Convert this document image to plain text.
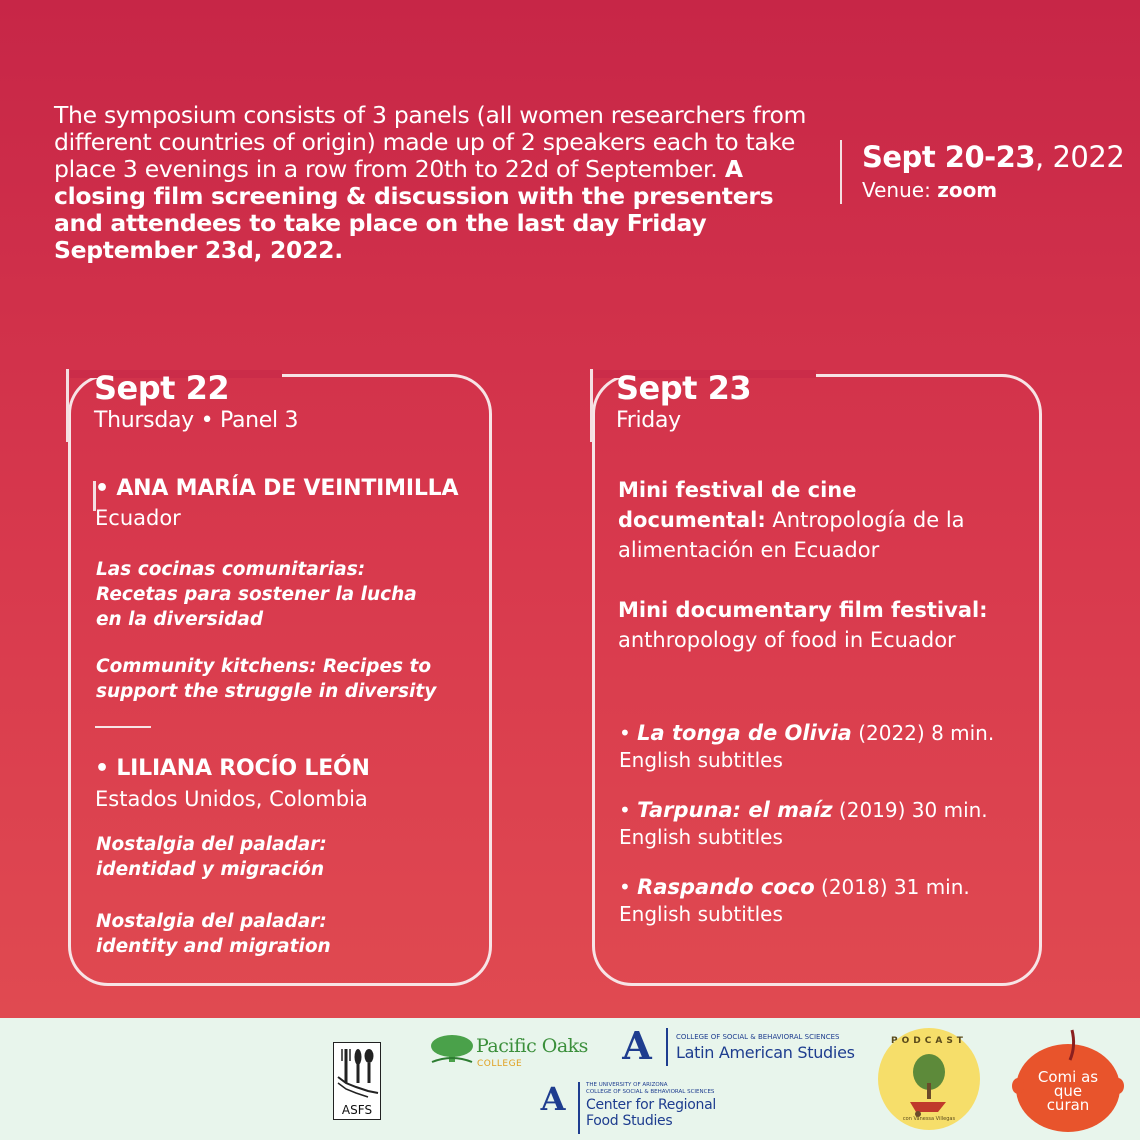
The symposium consists of 3 panels (all women researchers from different countries of origin) made up of 2 speakers each to take place 3 evenings in a row from 20th to 22d of September. A closing film screening & discussion with the presenters and attendees to take place on the last day Friday September 23d, 2022.
Sept 20-23, 2022
Venue: zoom
Sept 22
Thursday • Panel 3
• ANA MARÍA DE VEINTIMILLA
Ecuador
Las cocinas comunitarias:
Recetas para sostener la lucha
en la diversidad
Community kitchens: Recipes to
support the struggle in diversity
• LILIANA ROCÍO LEÓN
Estados Unidos, Colombia
Nostalgia del paladar:
identidad y migración
Nostalgia del paladar:
identity and migration
Sept 23
Friday
Mini festival de cine documental: Antropología de la alimentación en Ecuador
Mini documentary film festival:
anthropology of food in Ecuador
• La tonga de Olivia (2022) 8 min.
English subtitles
• Tarpuna: el maíz (2019) 30 min.
English subtitles
• Raspando coco (2018) 31 min.
English subtitles
ASFS
Pacific Oaks
COLLEGE	A	COLLEGE OF SOCIAL & BEHAVIORAL SCIENCES
Latin American Studies
A	THE UNIVERSITY OF ARIZONA
COLLEGE OF SOCIAL & BEHAVIORAL SCIENCES
Center for Regional
Food Studies
PODCAST
con Vanessa Villegas
Comi as
que
curan
